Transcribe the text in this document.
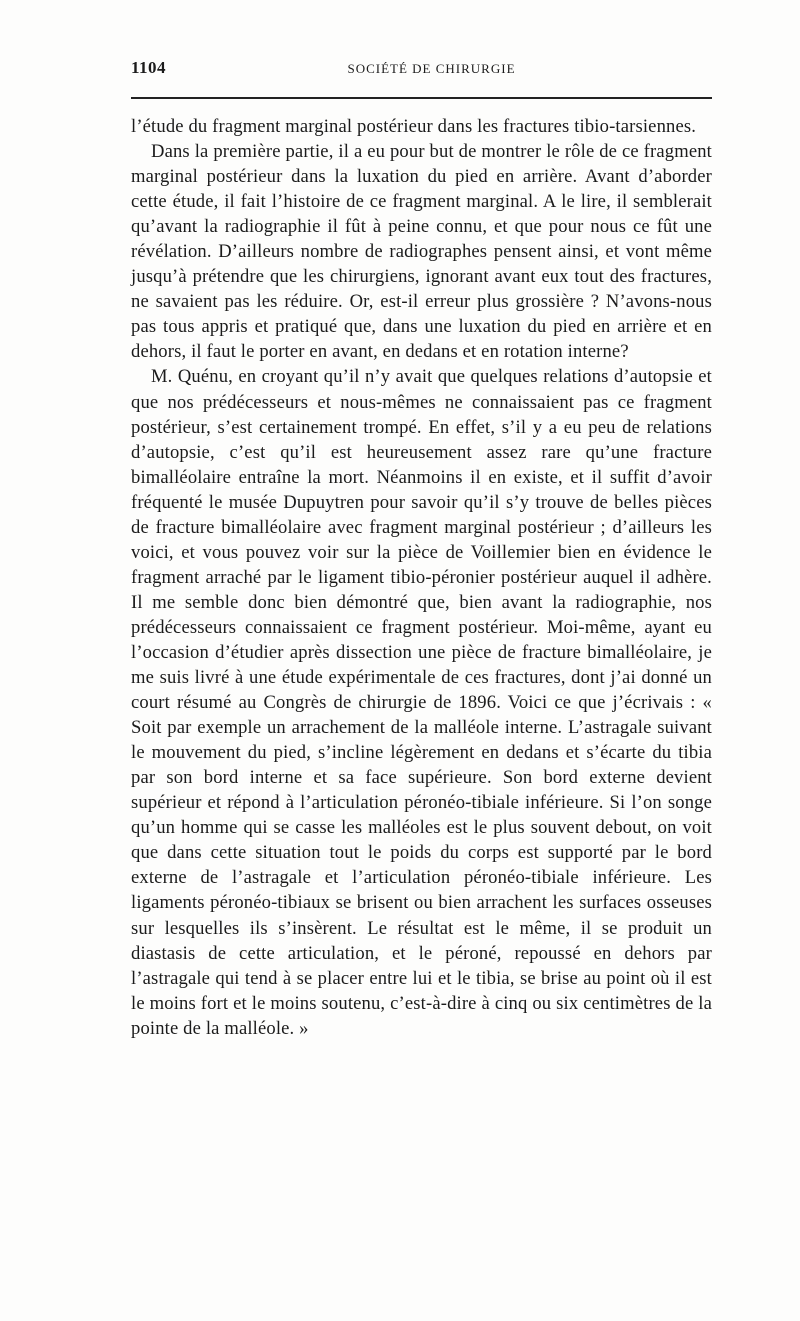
1104	SOCIÉTÉ DE CHIRURGIE

l’étude du fragment marginal postérieur dans les fractures tibio-tarsiennes.

Dans la première partie, il a eu pour but de montrer le rôle de ce fragment marginal postérieur dans la luxation du pied en arrière. Avant d’aborder cette étude, il fait l’histoire de ce fragment marginal. A le lire, il semblerait qu’avant la radiographie il fût à peine connu, et que pour nous ce fût une révélation. D’ailleurs nombre de radiographes pensent ainsi, et vont même jusqu’à prétendre que les chirurgiens, ignorant avant eux tout des fractures, ne savaient pas les réduire. Or, est-il erreur plus grossière ? N’avons-nous pas tous appris et pratiqué que, dans une luxation du pied en arrière et en dehors, il faut le porter en avant, en dedans et en rotation interne?

M. Quénu, en croyant qu’il n’y avait que quelques relations d’autopsie et que nos prédécesseurs et nous-mêmes ne connaissaient pas ce fragment postérieur, s’est certainement trompé. En effet, s’il y a eu peu de relations d’autopsie, c’est qu’il est heureusement assez rare qu’une fracture bimalléolaire entraîne la mort. Néanmoins il en existe, et il suffit d’avoir fréquenté le musée Dupuytren pour savoir qu’il s’y trouve de belles pièces de fracture bimalléolaire avec fragment marginal postérieur ; d’ailleurs les voici, et vous pouvez voir sur la pièce de Voillemier bien en évidence le fragment arraché par le ligament tibio-péronier postérieur auquel il adhère. Il me semble donc bien démontré que, bien avant la radiographie, nos prédécesseurs connaissaient ce fragment postérieur. Moi-même, ayant eu l’occasion d’étudier après dissection une pièce de fracture bimalléolaire, je me suis livré à une étude expérimentale de ces fractures, dont j’ai donné un court résumé au Congrès de chirurgie de 1896. Voici ce que j’écrivais : « Soit par exemple un arrachement de la malléole interne. L’astragale suivant le mouvement du pied, s’incline légèrement en dedans et s’écarte du tibia par son bord interne et sa face supérieure. Son bord externe devient supérieur et répond à l’articulation péronéo-tibiale inférieure. Si l’on songe qu’un homme qui se casse les malléoles est le plus souvent debout, on voit que dans cette situation tout le poids du corps est supporté par le bord externe de l’astragale et l’articulation péronéo-tibiale inférieure. Les ligaments péronéo-tibiaux se brisent ou bien arrachent les surfaces osseuses sur lesquelles ils s’insèrent. Le résultat est le même, il se produit un diastasis de cette articulation, et le péroné, repoussé en dehors par l’astragale qui tend à se placer entre lui et le tibia, se brise au point où il est le moins fort et le moins soutenu, c’est-à-dire à cinq ou six centimètres de la pointe de la malléole. »
